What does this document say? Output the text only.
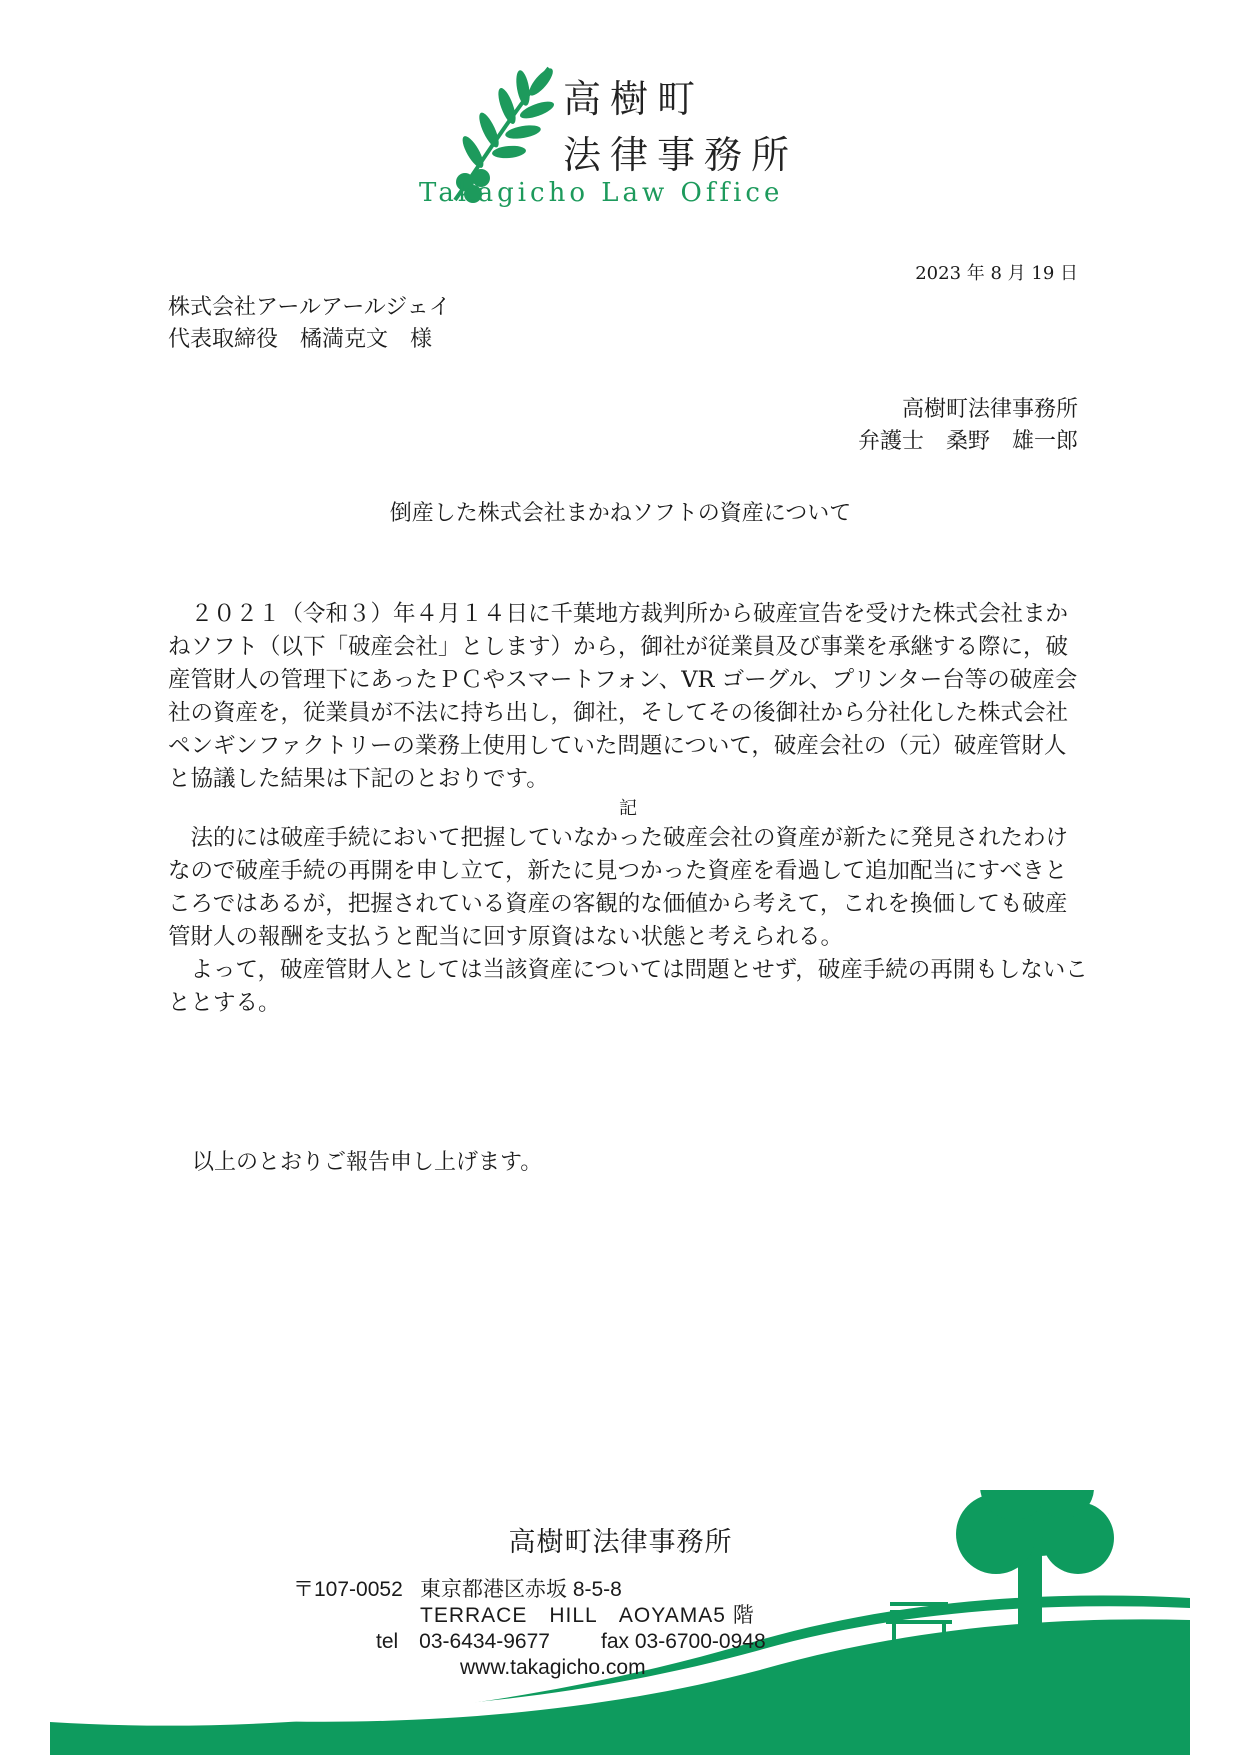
高樹町
法律事務所
Takagicho Law Office
2023 年 8 月 19 日
株式会社アールアールジェイ
代表取締役　橘満克文　様
高樹町法律事務所
弁護士　桑野　雄一郎
倒産した株式会社まかねソフトの資産について

２０２１（令和３）年４月１４日に千葉地方裁判所から破産宣告を受けた株式会社まかねソフト（以下「破産会社」とします）から，御社が従業員及び事業を承継する際に，破産管財人の管理下にあったＰＣやスマートフォン、VR ゴーグル、プリンター台等の破産会社の資産を，従業員が不法に持ち出し，御社，そしてその後御社から分社化した株式会社ペンギンファクトリーの業務上使用していた問題について，破産会社の（元）破産管財人と協議した結果は下記のとおりです。

記

法的には破産手続において把握していなかった破産会社の資産が新たに発見されたわけなので破産手続の再開を申し立て，新たに見つかった資産を看過して追加配当にすべきところではあるが，把握されている資産の客観的な価値から考えて，これを換価しても破産管財人の報酬を支払うと配当に回す原資はない状態と考えられる。

よって，破産管財人としては当該資産については問題とせず，破産手続の再開もしないこととする。

以上のとおりご報告申し上げます。
高樹町法律事務所
〒107-0052 東京都港区赤坂 8-5-8
TERRACE　HILL　AOYAMA5 階
tel　03-6434-9677 fax 03-6700-0948
www.takagicho.com
